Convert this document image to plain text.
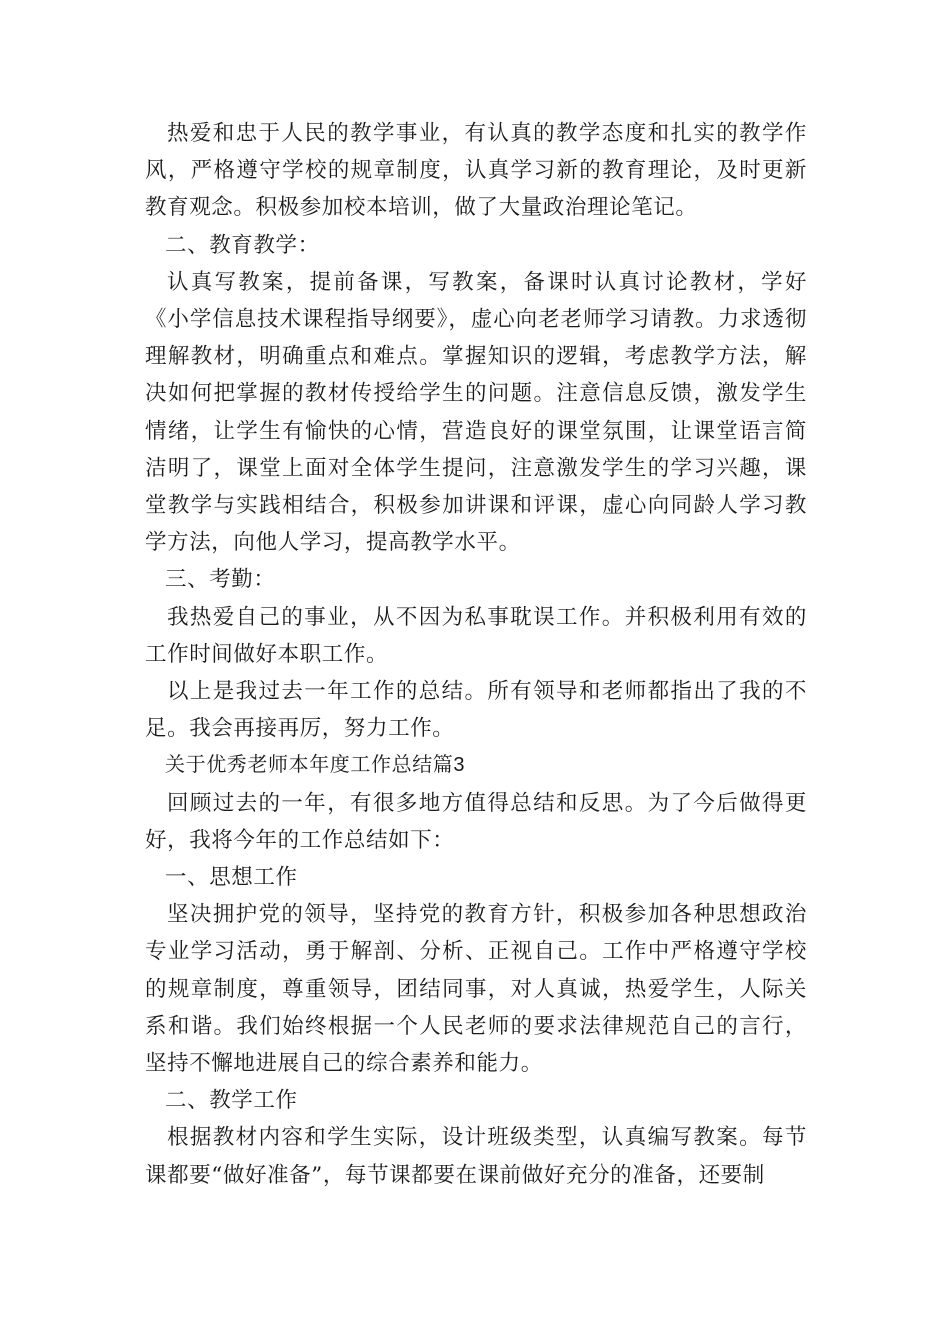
热爱和忠于人民的教学事业，有认真的教学态度和扎实的教学作风，严格遵守学校的规章制度，认真学习新的教育理论，及时更新教育观念。积极参加校本培训，做了大量政治理论笔记。

二、教育教学：

认真写教案，提前备课，写教案，备课时认真讨论教材，学好《小学信息技术课程指导纲要》，虚心向老老师学习请教。力求透彻理解教材，明确重点和难点。掌握知识的逻辑，考虑教学方法，解决如何把掌握的教材传授给学生的问题。注意信息反馈，激发学生情绪，让学生有愉快的心情，营造良好的课堂氛围，让课堂语言简洁明了，课堂上面对全体学生提问，注意激发学生的学习兴趣，课堂教学与实践相结合，积极参加讲课和评课，虚心向同龄人学习教学方法，向他人学习，提高教学水平。

三、考勤：

我热爱自己的事业，从不因为私事耽误工作。并积极利用有效的工作时间做好本职工作。

以上是我过去一年工作的总结。所有领导和老师都指出了我的不足。我会再接再厉，努力工作。

关于优秀老师本年度工作总结篇3

回顾过去的一年，有很多地方值得总结和反思。为了今后做得更好，我将今年的工作总结如下：

一、思想工作

坚决拥护党的领导，坚持党的教育方针，积极参加各种思想政治专业学习活动，勇于解剖、分析、正视自己。工作中严格遵守学校的规章制度，尊重领导，团结同事，对人真诚，热爱学生，人际关系和谐。我们始终根据一个人民老师的要求法律规范自己的言行，坚持不懈地进展自己的综合素养和能力。

二、教学工作

根据教材内容和学生实际，设计班级类型，认真编写教案。每节课都要“做好准备”，每节课都要在课前做好充分的准备，还要制
